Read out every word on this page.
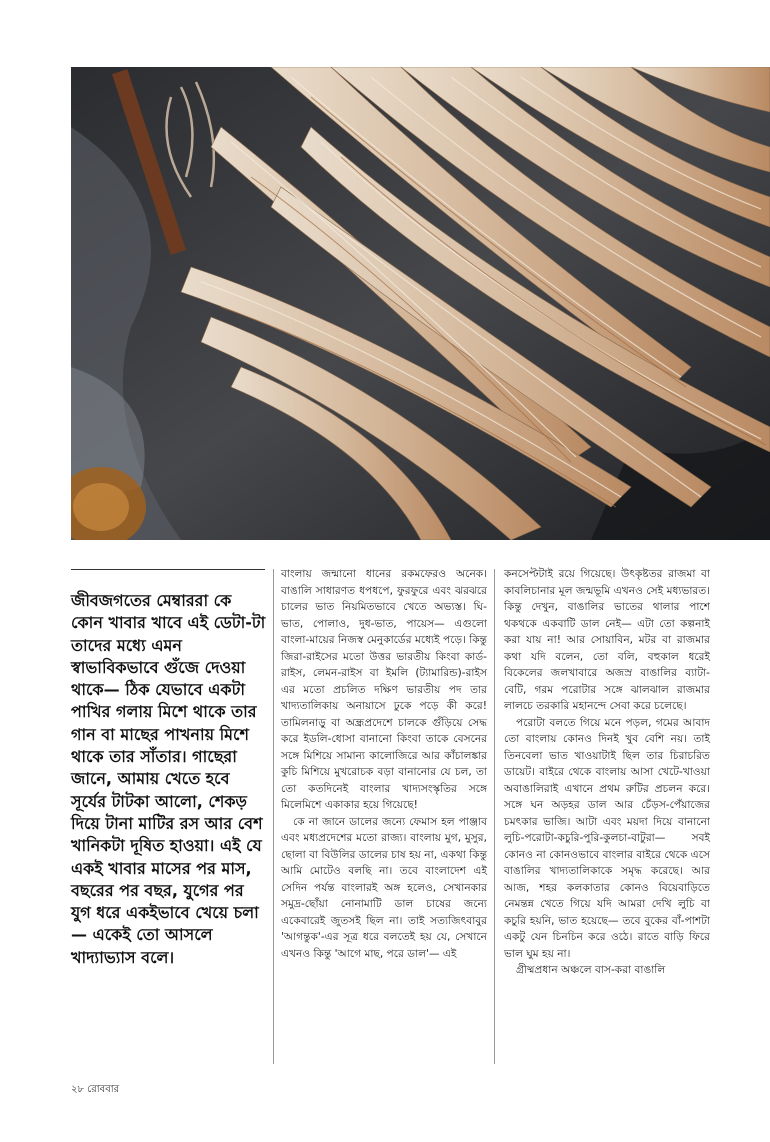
জীবজগতের মেম্বাররা কে কোন খাবার খাবে এই ডেটা-টা তাদের মধ্যে এমন স্বাভাবিকভাবে গুঁজে দেওয়া থাকে— ঠিক যেভাবে একটা পাখির গলায় মিশে থাকে তার গান বা মাছের পাখনায় মিশে থাকে তার সাঁতার। গাছেরা জানে, আমায় খেতে হবে সূর্যের টাটকা আলো, শেকড় দিয়ে টানা মাটির রস আর বেশ খানিকটা দূষিত হাওয়া। এই যে একই খাবার মাসের পর মাস, বছরের পর বছর, যুগের পর যুগ ধরে একইভাবে খেয়ে চলা— একেই তো আসলে খাদ্যাভ্যাস বলে।

বাংলায় জন্মানো ধানের রকমফেরও অনেক। বাঙালি সাধারণত ধপধপে, ফুরফুরে এবং ঝরঝরে চালের ভাত নিয়মিতভাবে খেতে অভ্যস্ত। ঘি-ভাত, পোলাও, দুধ-ভাত, পায়েস— এগুলো বাংলা-মায়ের নিজস্ব মেনুকার্ডের মধ্যেই পড়ে। কিন্তু জিরা-রাইসের মতো উত্তর ভারতীয় কিংবা কার্ড-রাইস, লেমন-রাইস বা ইমলি (ট্যামারিন্ড)-রাইস এর মতো প্রচলিত দক্ষিণ ভারতীয় পদ তার খাদ্যতালিকায় অনায়াসে ঢুকে পড়ে কী করে! তামিলনাড়ু বা অন্ধ্রপ্রদেশে চালকে গুঁড়িয়ে সেদ্ধ করে ইডলি-ধোসা বানানো কিংবা তাকে বেসনের সঙ্গে মিশিয়ে সামান্য কালোজিরে আর কাঁচালঙ্কার কুচি মিশিয়ে মুখরোচক বড়া বানানোর যে চল, তা তো কতদিনেই বাংলার খাদ্যসংস্কৃতির সঙ্গে মিলেমিশে একাকার হয়ে গিয়েছে!

কে না জানে ডালের জন্যে ফেমাস হল পাঞ্জাব এবং মধ্যপ্রদেশের মতো রাজ্য। বাংলায় মুগ, মুসুর, ছোলা বা বিউলির ডালের চাষ হয় না, একথা কিন্তু আমি মোটেও বলছি না। তবে বাংলাদেশ এই সেদিন পর্যন্ত বাংলারই অঙ্গ হলেও, সেখানকার সমুদ্র-ছোঁয়া নোনামাটি ডাল চাষের জন্যে একেবারেই জুতসই ছিল না। তাই সত্যজিৎবাবুর 'আগন্তুক'-এর সূত্র ধরে বলতেই হয় যে, সেখানে এখনও কিন্তু 'আগে মাছ, পরে ডাল'— এই

কনসেপ্টটাই রয়ে গিয়েছে। উৎকৃষ্টতর রাজমা বা কাবলিচানার মূল জন্মভূমি এখনও সেই মধ্যভারত। কিন্তু দেখুন, বাঙালির ভাতের থালার পাশে থকথকে একবাটি ডাল নেই— এটা তো কল্পনাই করা যায় না! আর সোয়াবিন, মটর বা রাজমার কথা যদি বলেন, তো বলি, বহুকাল ধরেই বিকেলের জলখাবারে অজস্র বাঙালির ব্যাটা-বেটি, গরম পরোটার সঙ্গে ঝালঝাল রাজমার লালচে তরকারি মহানন্দে সেবা করে চলেছে।

পরোটা বলতে গিয়ে মনে পড়ল, গমের আবাদ তো বাংলায় কোনও দিনই খুব বেশি নয়। তাই তিনবেলা ভাত খাওয়াটাই ছিল তার চিরাচরিত ডায়েট। বাইরে থেকে বাংলায় আসা খেটে-খাওয়া অবাঙালিরাই এখানে প্রথম রুটির প্রচলন করে। সঙ্গে ঘন অড়হর ডাল আর চেঁড়স-পেঁয়াজের চমৎকার ভাজি। আটা এবং ময়দা দিয়ে বানানো লুচি-পরোটা-কচুরি-পুরি-কুলচা-বাটুরা— সবই কোনও না কোনওভাবে বাংলার বাইরে থেকে এসে বাঙালির খাদ্যতালিকাকে সমৃদ্ধ করেছে। আর আজ, শহর কলকাতার কোনও বিয়েবাড়িতে নেমন্তন্ন খেতে গিয়ে যদি আমরা দেখি লুচি বা কচুরি হয়নি, ভাত হয়েছে— তবে বুকের বাঁ-পাশটা একটু যেন চিনচিন করে ওঠে। রাতে বাড়ি ফিরে ভাল ঘুম হয় না।

গ্রীষ্মপ্রধান অঞ্চলে বাস-করা বাঙালি

২৮ রোববার
